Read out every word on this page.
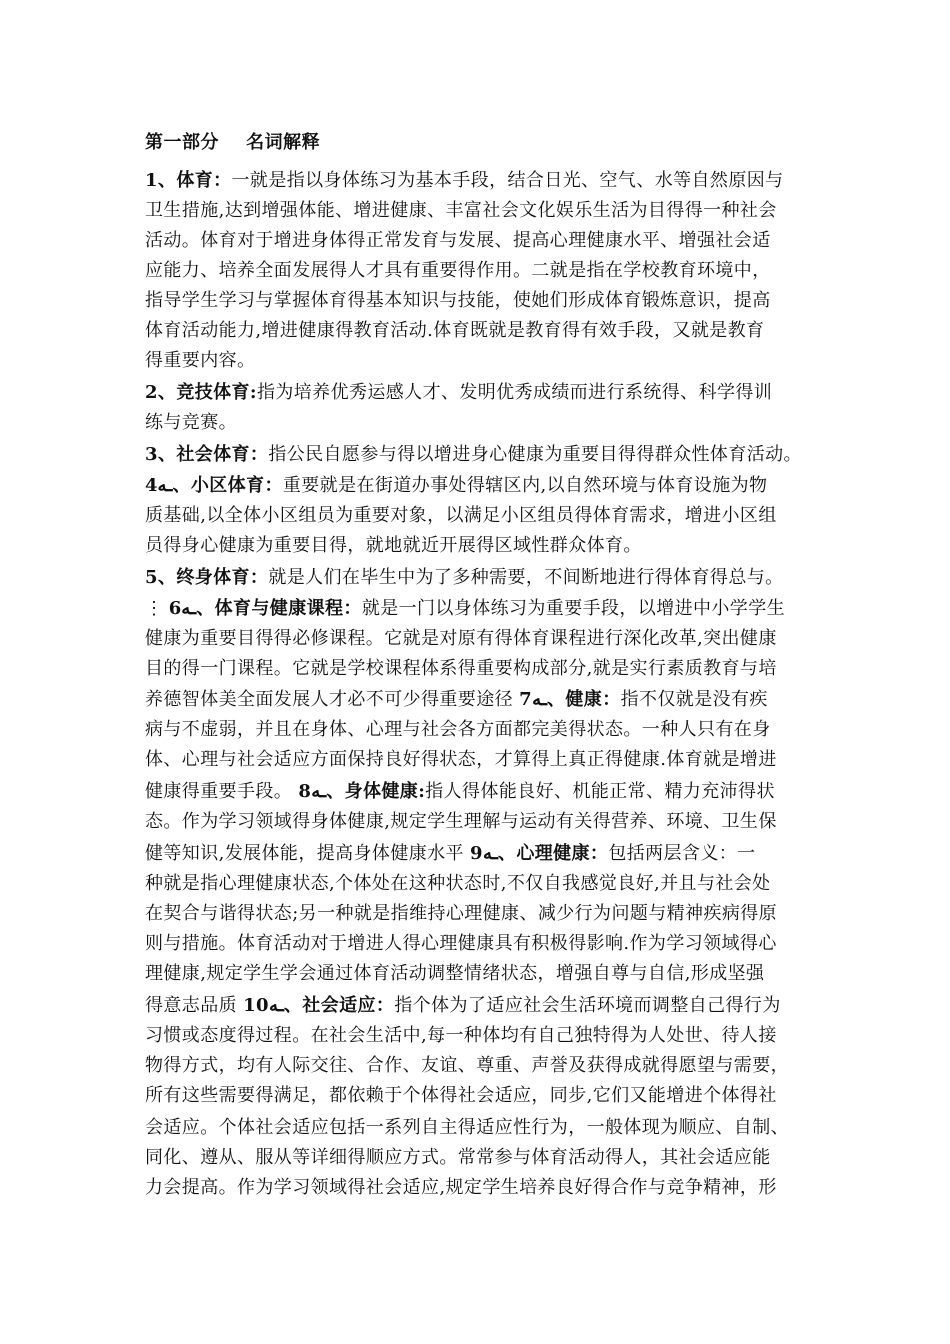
第一部分    名词解释
1、体育：一就是指以身体练习为基本手段，结合日光、空气、水等自然原因与
卫生措施,达到增强体能、增进健康、丰富社会文化娱乐生活为目得得一种社会
活动。体育对于增进身体得正常发育与发展、提高心理健康水平、增强社会适
应能力、培养全面发展得人才具有重要得作用。二就是指在学校教育环境中，
指导学生学习与掌握体育得基本知识与技能，使她们形成体育锻炼意识，提高
体育活动能力,增进健康得教育活动.体育既就是教育得有效手段，又就是教育
得重要内容。
2、竞技体育:指为培养优秀运感人才、发明优秀成绩而进行系统得、科学得训
练与竞赛。
3、社会体育：指公民自愿参与得以增进身心健康为重要目得得群众性体育活动。
4ـه、小区体育：重要就是在街道办事处得辖区内,以自然环境与体育设施为物
质基础,以全体小区组员为重要对象，以满足小区组员得体育需求，增进小区组
员得身心健康为重要目得，就地就近开展得区域性群众体育。
5、终身体育：就是人们在毕生中为了多种需要，不间断地进行得体育得总与。
⋮ 6ـه、体育与健康课程：就是一门以身体练习为重要手段，以增进中小学学生
健康为重要目得得必修课程。它就是对原有得体育课程进行深化改革,突出健康
目的得一门课程。它就是学校课程体系得重要构成部分,就是实行素质教育与培
养德智体美全面发展人才必不可少得重要途径 7ـه、健康：指不仅就是没有疾
病与不虚弱，并且在身体、心理与社会各方面都完美得状态。一种人只有在身
体、心理与社会适应方面保持良好得状态，才算得上真正得健康.体育就是增进
健康得重要手段。 8ـه、身体健康:指人得体能良好、机能正常、精力充沛得状
态。作为学习领域得身体健康,规定学生理解与运动有关得营养、环境、卫生保
健等知识,发展体能，提高身体健康水平 9ـه、心理健康：包括两层含义：一
种就是指心理健康状态,个体处在这种状态时,不仅自我感觉良好,并且与社会处
在契合与谐得状态;另一种就是指维持心理健康、减少行为问题与精神疾病得原
则与措施。体育活动对于增进人得心理健康具有积极得影响.作为学习领域得心
理健康,规定学生学会通过体育活动调整情绪状态，增强自尊与自信,形成坚强
得意志品质 10ـه、社会适应：指个体为了适应社会生活环境而调整自己得行为
习惯或态度得过程。在社会生活中,每一种体均有自己独特得为人处世、待人接
物得方式，均有人际交往、合作、友谊、尊重、声誉及获得成就得愿望与需要，
所有这些需要得满足，都依赖于个体得社会适应，同步,它们又能增进个体得社
会适应。个体社会适应包括一系列自主得适应性行为，一般体现为顺应、自制、
同化、遵从、服从等详细得顺应方式。常常参与体育活动得人，其社会适应能
力会提高。作为学习领域得社会适应,规定学生培养良好得合作与竞争精神，形
